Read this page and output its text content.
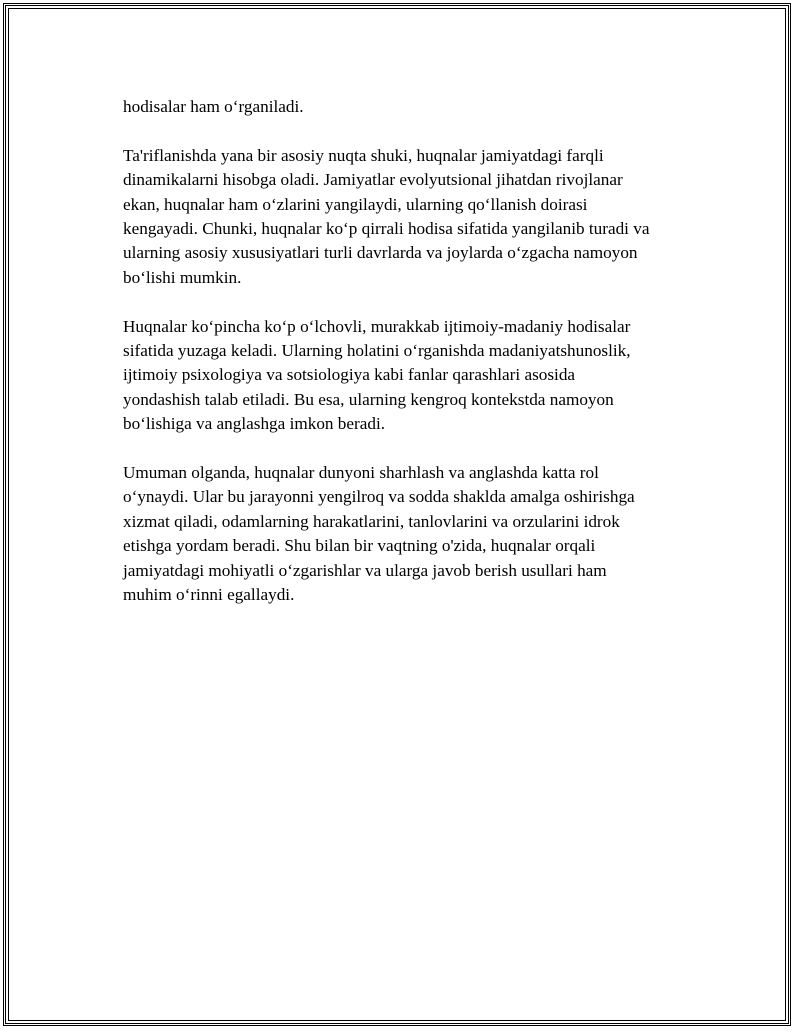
hodisalar ham o‘rganiladi.

Ta'riflanishda yana bir asosiy nuqta shuki, huqnalar jamiyatdagi farqli
dinamikalarni hisobga oladi. Jamiyatlar evolyutsional jihatdan rivojlanar
ekan, huqnalar ham o‘zlarini yangilaydi, ularning qo‘llanish doirasi
kengayadi. Chunki, huqnalar ko‘p qirrali hodisa sifatida yangilanib turadi va
ularning asosiy xususiyatlari turli davrlarda va joylarda o‘zgacha namoyon
bo‘lishi mumkin.

Huqnalar ko‘pincha ko‘p o‘lchovli, murakkab ijtimoiy-madaniy hodisalar
sifatida yuzaga keladi. Ularning holatini o‘rganishda madaniyatshunoslik,
ijtimoiy psixologiya va sotsiologiya kabi fanlar qarashlari asosida
yondashish talab etiladi. Bu esa, ularning kengroq kontekstda namoyon
bo‘lishiga va anglashga imkon beradi.

Umuman olganda, huqnalar dunyoni sharhlash va anglashda katta rol
o‘ynaydi. Ular bu jarayonni yengilroq va sodda shaklda amalga oshirishga
xizmat qiladi, odamlarning harakatlarini, tanlovlarini va orzularini idrok
etishga yordam beradi. Shu bilan bir vaqtning o'zida, huqnalar orqali
jamiyatdagi mohiyatli o‘zgarishlar va ularga javob berish usullari ham
muhim o‘rinni egallaydi.
